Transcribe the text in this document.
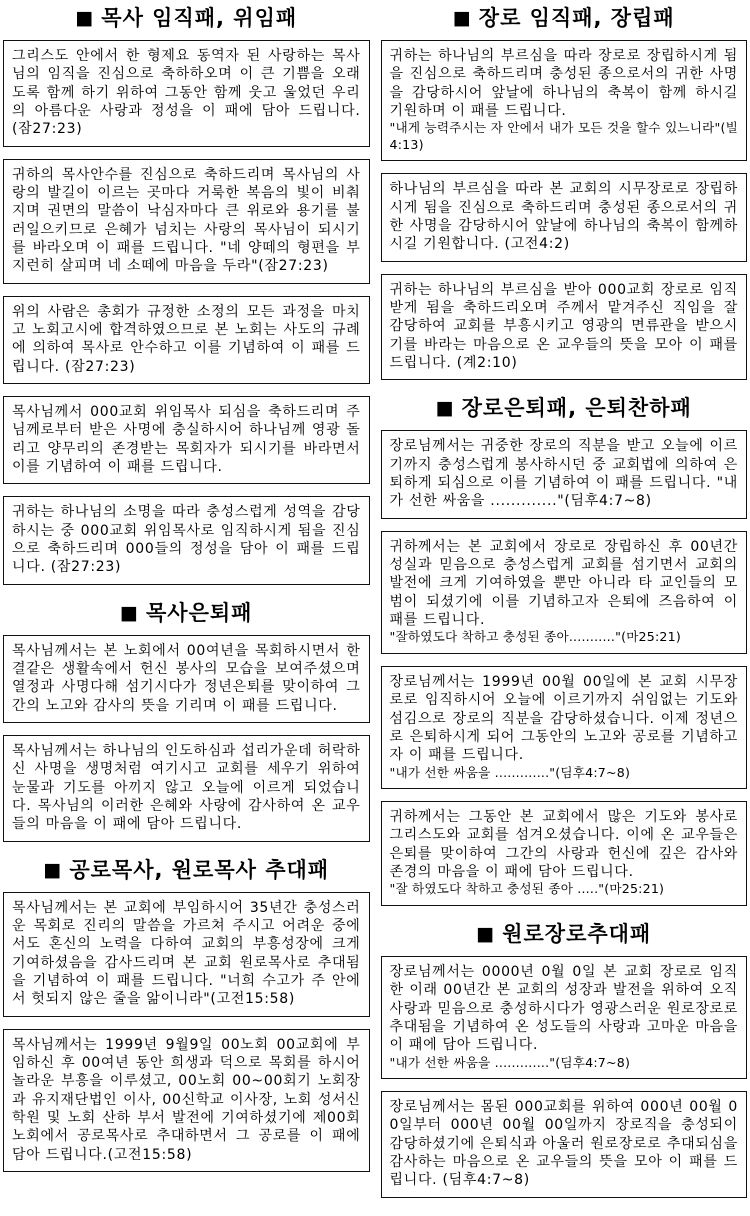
■ 목사 임직패, 위임패

그리스도 안에서 한 형제요 동역자 된 사랑하는 목사님의 임직을 진심으로 축하하오며 이 큰 기쁨을 오래도록 함께 하기 위하여 그동안 함께 웃고 울었던 우리의 아름다운 사랑과 정성을 이 패에 담아 드립니다. (잠27:23)

귀하의 목사안수를 진심으로 축하드리며 목사님의 사랑의 발길이 이르는 곳마다 거룩한 복음의 빛이 비춰지며 권면의 말씀이 낙심자마다 큰 위로와 용기를 불러일으키므로 은혜가 넘치는 사랑의 목사님이 되시기를 바라오며 이 패를 드립니다. "네 양떼의 형편을 부지런히 살피며 네 소떼에 마음을 두라"(잠27:23)

위의 사람은 총회가 규정한 소정의 모든 과정을 마치고 노회고시에 합격하였으므로 본 노회는 사도의 규례에 의하여 목사로 안수하고 이를 기념하여 이 패를 드립니다. (잠27:23)

목사님께서 000교회 위임목사 되심을 축하드리며 주님께로부터 받은 사명에 충실하시어 하나님께 영광 돌리고 양무리의 존경받는 목회자가 되시기를 바라면서 이를 기념하여 이 패를 드립니다.

귀하는 하나님의 소명을 따라 충성스럽게 성역을 감당하시는 중 000교회 위임목사로 임직하시게 됨을 진심으로 축하드리며 000들의 정성을 담아 이 패를 드립니다. (잠27:23)

■ 목사은퇴패

목사님께서는 본 노회에서 00여년을 목회하시면서 한결같은 생활속에서 헌신 봉사의 모습을 보여주셨으며 열정과 사명다해 섬기시다가 정년은퇴를 맞이하여 그간의 노고와 감사의 뜻을 기리며 이 패를 드립니다.

목사님께서는 하나님의 인도하심과 섭리가운데 허락하신 사명을 생명처럼 여기시고 교회를 세우기 위하여 눈물과 기도를 아끼지 않고 오늘에 이르게 되었습니다. 목사님의 이러한 은혜와 사랑에 감사하여 온 교우들의 마음을 이 패에 담아 드립니다.

■ 공로목사, 원로목사 추대패

목사님께서는 본 교회에 부임하시어 35년간 충성스러운 목회로 진리의 말씀을 가르쳐 주시고 어려운 중에서도 혼신의 노력을 다하여 교회의 부흥성장에 크게 기여하셨음을 감사드리며 본 교회 원로목사로 추대됨을 기념하여 이 패를 드립니다. "너희 수고가 주 안에서 헛되지 않은 줄을 앎이니라"(고전15:58)

목사님께서는 1999년 9월9일 00노회 00교회에 부임하신 후 00여년 동안 희생과 덕으로 목회를 하시어 놀라운 부흥을 이루셨고, 00노회 00~00회기 노회장과 유지재단법인 이사, 00신학교 이사장, 노회 성서신학원 및 노회 산하 부서 발전에 기여하셨기에 제00회 노회에서 공로목사로 추대하면서 그 공로를 이 패에 담아 드립니다.(고전15:58)

■ 장로 임직패, 장립패

귀하는 하나님의 부르심을 따라 장로로 장립하시게 됨을 진심으로 축하드리며 충성된 종으로서의 귀한 사명을 감당하시어 앞날에 하나님의 축복이 함께 하시길 기원하며 이 패를 드립니다.

"내게 능력주시는 자 안에서 내가 모든 것을 할수 있느니라"(빌4:13)

하나님의 부르심을 따라 본 교회의 시무장로로 장립하시게 됨을 진심으로 축하드리며 충성된 종으로서의 귀한 사명을 감당하시어 앞날에 하나님의 축복이 함께하시길 기원합니다. (고전4:2)

귀하는 하나님의 부르심을 받아 000교회 장로로 임직받게 됨을 축하드리오며 주께서 맡겨주신 직임을 잘 감당하여 교회를 부흥시키고 영광의 면류관을 받으시기를 바라는 마음으로 온 교우들의 뜻을 모아 이 패를 드립니다. (계2:10)

■ 장로은퇴패, 은퇴찬하패

장로님께서는 귀중한 장로의 직분을 받고 오늘에 이르기까지 충성스럽게 봉사하시던 중 교회법에 의하여 은퇴하게 되심으로 이를 기념하여 이 패를 드립니다. "내가 선한 싸움을 ............."(딤후4:7~8)

귀하께서는 본 교회에서 장로로 장립하신 후 00년간 성실과 믿음으로 충성스럽게 교회를 섬기면서 교회의 발전에 크게 기여하였을 뿐만 아니라 타 교인들의 모범이 되셨기에 이를 기념하고자 은퇴에 즈음하여 이 패를 드립니다.

"잘하였도다 착하고 충성된 종아..........."(마25:21)

장로님께서는 1999년 00월 00일에 본 교회 시무장로로 임직하시어 오늘에 이르기까지 쉬임없는 기도와 섬김으로 장로의 직분을 감당하셨습니다. 이제 정년으로 은퇴하시게 되어 그동안의 노고와 공로를 기념하고자 이 패를 드립니다.

"내가 선한 싸움을 ............."(딤후4:7~8)

귀하께서는 그동안 본 교회에서 많은 기도와 봉사로 그리스도와 교회를 섬겨오셨습니다. 이에 온 교우들은 은퇴를 맞이하여 그간의 사랑과 헌신에 깊은 감사와 존경의 마음을 이 패에 담아 드립니다.

"잘 하였도다 착하고 충성된 종아 ....."(마25:21)

■ 원로장로추대패

장로님께서는 0000년 0월 0일 본 교회 장로로 임직한 이래 00년간 본 교회의 성장과 발전을 위하여 오직 사랑과 믿음으로 충성하시다가 영광스러운 원로장로로 추대됨을 기념하여 온 성도들의 사랑과 고마운 마음을 이 패에 담아 드립니다.

"내가 선한 싸움을 ............."(딤후4:7~8)

장로님께서는 몸된 000교회를 위하여 000년 00월 00일부터 000년 00월 00일까지 장로직을 충성되이 감당하셨기에 은퇴식과 아울러 원로장로로 추대되심을 감사하는 마음으로 온 교우들의 뜻을 모아 이 패를 드립니다. (딤후4:7~8)
